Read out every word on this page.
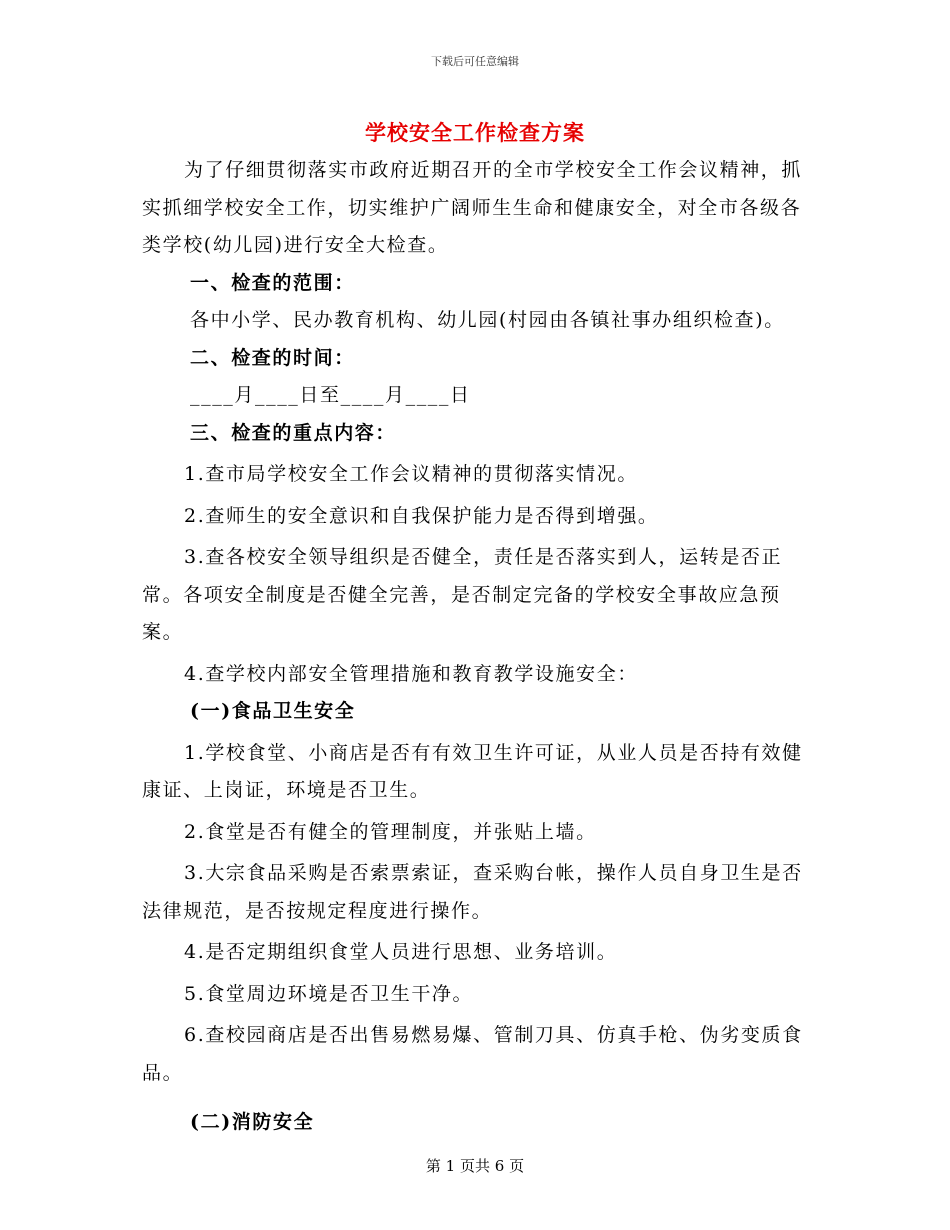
下载后可任意编辑
学校安全工作检查方案

为了仔细贯彻落实市政府近期召开的全市学校安全工作会议精神，抓实抓细学校安全工作，切实维护广阔师生生命和健康安全，对全市各级各类学校(幼儿园)进行安全大检查。

一、检查的范围：

各中小学、民办教育机构、幼儿园(村园由各镇社事办组织检查)。

二、检查的时间：

____月____日至____月____日

三、检查的重点内容：

1.查市局学校安全工作会议精神的贯彻落实情况。

2.查师生的安全意识和自我保护能力是否得到增强。

3.查各校安全领导组织是否健全，责任是否落实到人，运转是否正常。各项安全制度是否健全完善，是否制定完备的学校安全事故应急预案。

4.查学校内部安全管理措施和教育教学设施安全：

(一)食品卫生安全

1.学校食堂、小商店是否有有效卫生许可证，从业人员是否持有效健康证、上岗证，环境是否卫生。

2.食堂是否有健全的管理制度，并张贴上墙。

3.大宗食品采购是否索票索证，查采购台帐，操作人员自身卫生是否法律规范，是否按规定程度进行操作。

4.是否定期组织食堂人员进行思想、业务培训。

5.食堂周边环境是否卫生干净。

6.查校园商店是否出售易燃易爆、管制刀具、仿真手枪、伪劣变质食品。

(二)消防安全

第 1 页共 6 页
